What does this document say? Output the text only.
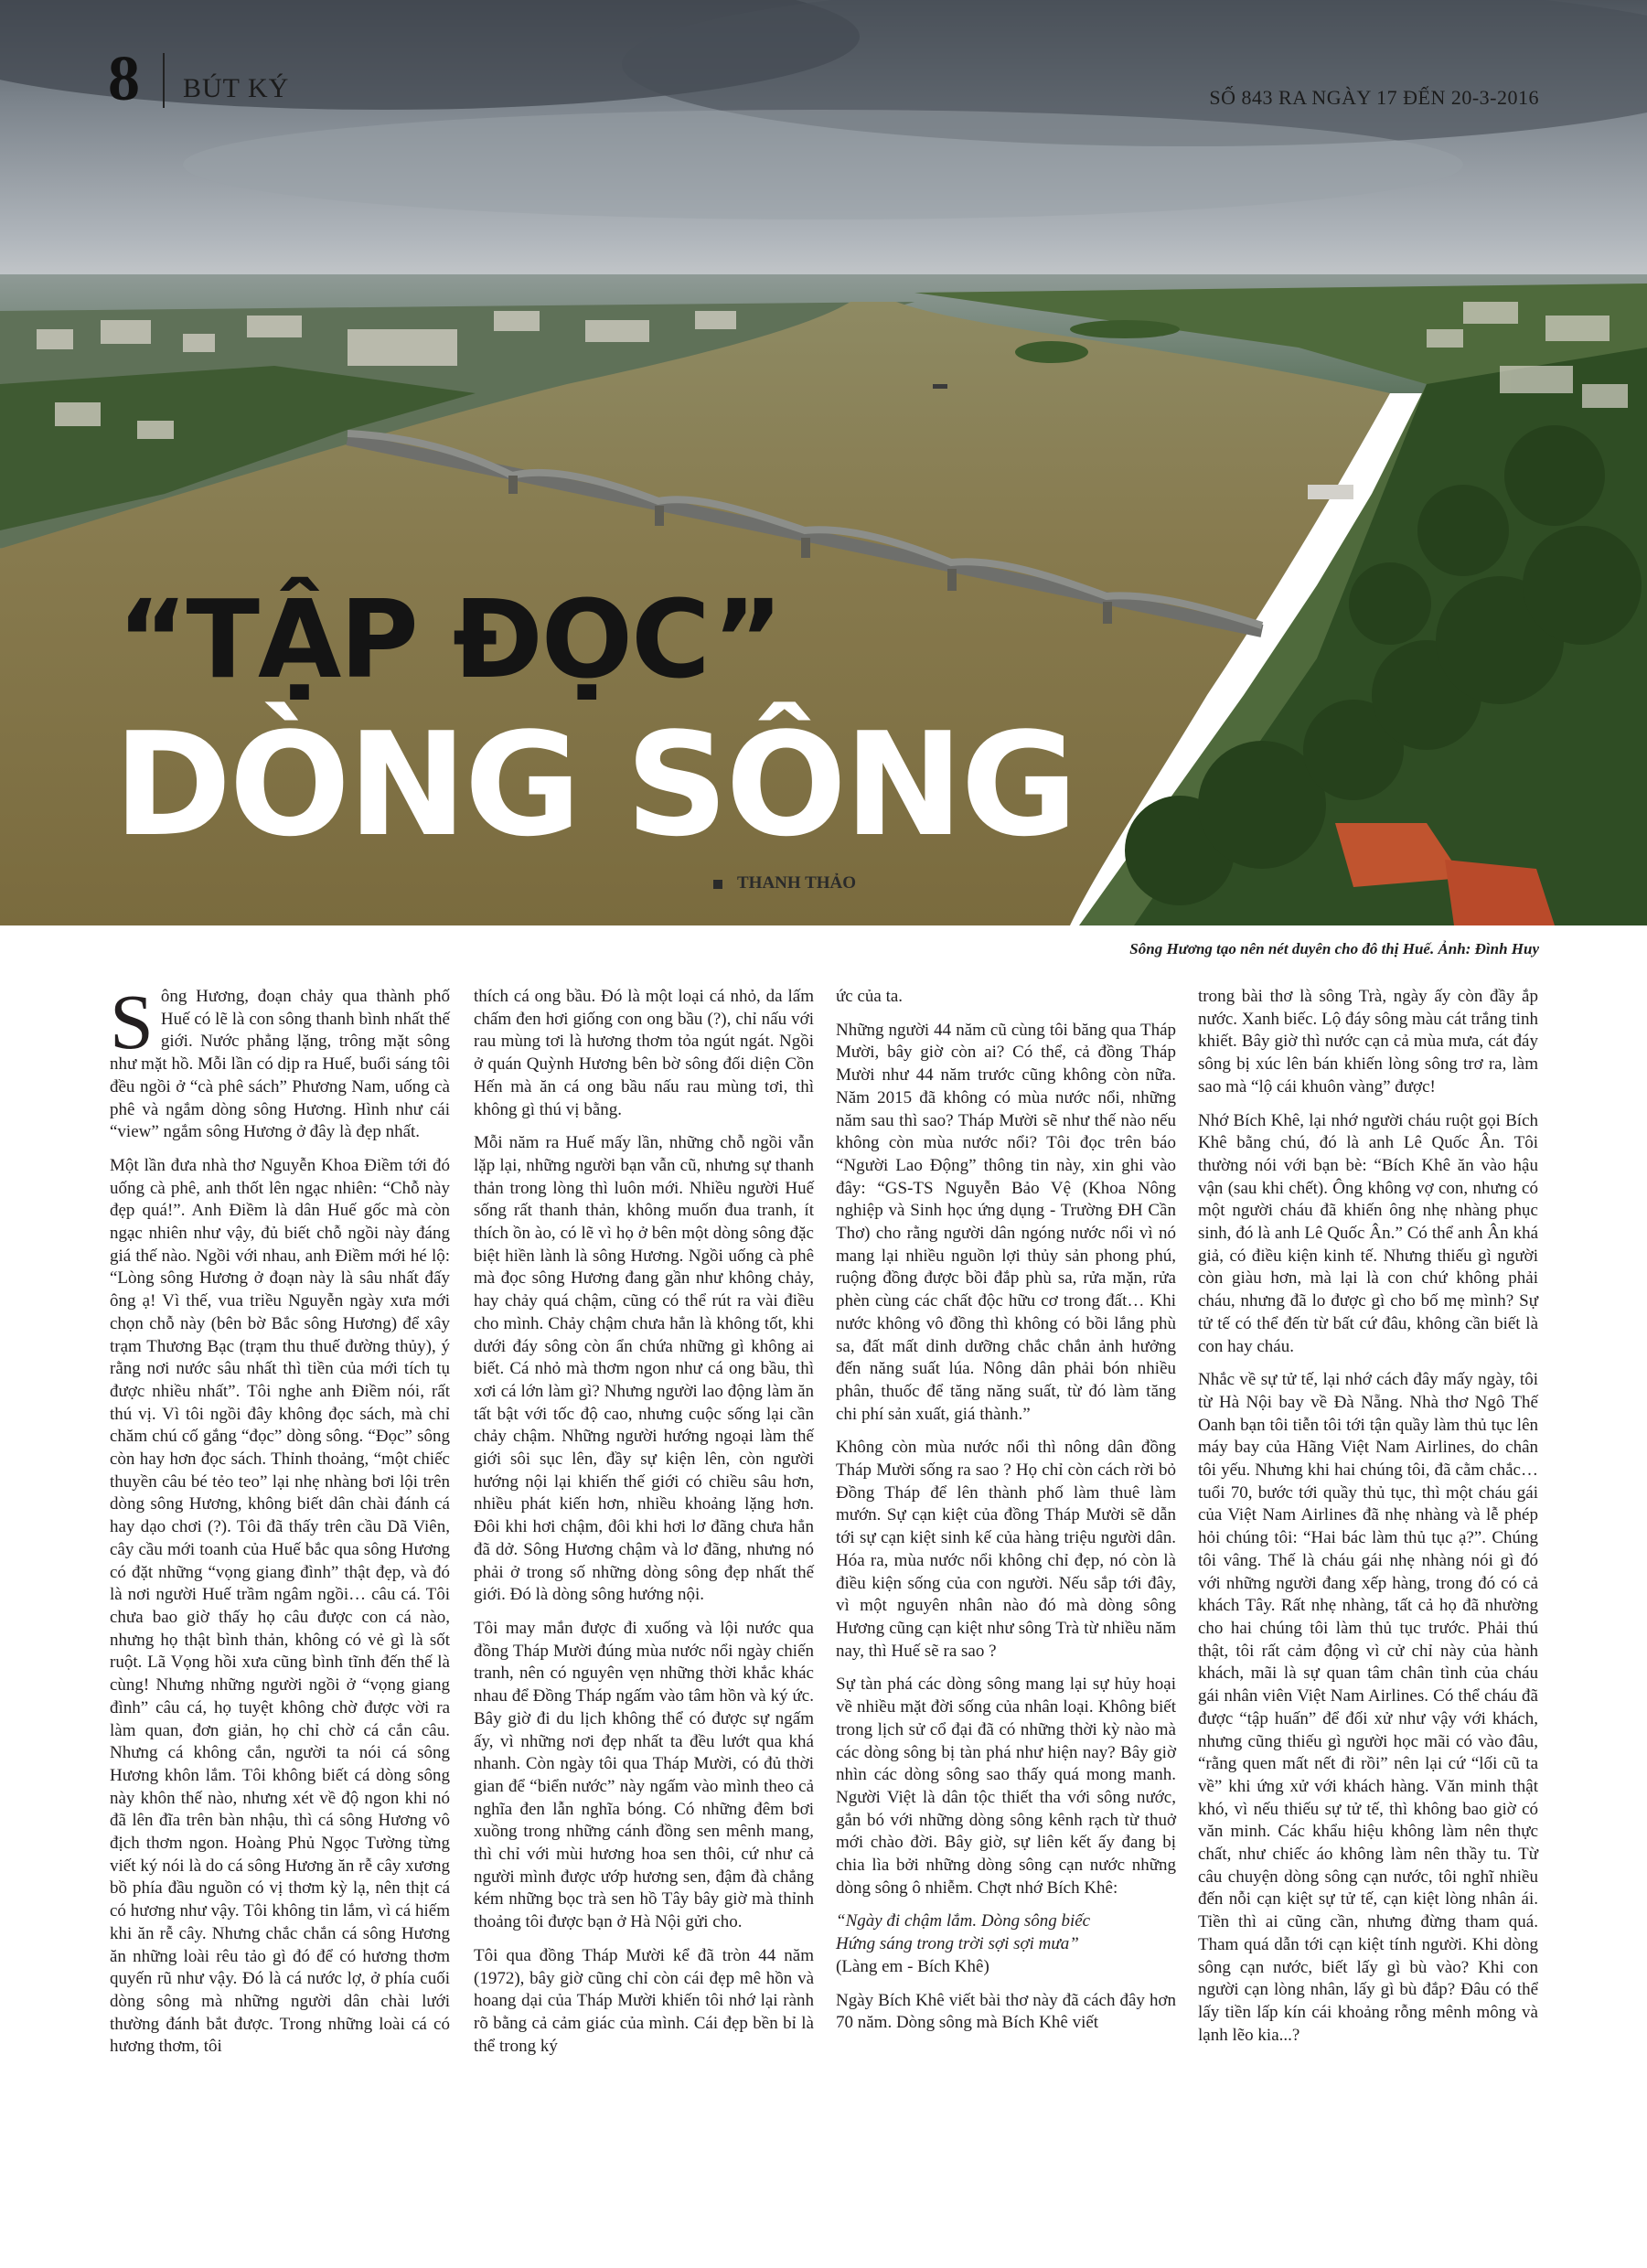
8 BÚT KÝ	SỐ 843 RA NGÀY 17 ĐẾN 20-3-2016
“TẬP ĐỌC”
DÒNG SÔNG
THANH THẢO
Sông Hương tạo nên nét duyên cho đô thị Huế. Ảnh: Đình Huy

Sông Hương, đoạn chảy qua thành phố Huế có lẽ là con sông thanh bình nhất thế giới. Nước phẳng lặng, trông mặt sông như mặt hồ. Mỗi lần có dịp ra Huế, buổi sáng tôi đều ngồi ở “cà phê sách” Phương Nam, uống cà phê và ngắm dòng sông Hương. Hình như cái “view” ngắm sông Hương ở đây là đẹp nhất.

Một lần đưa nhà thơ Nguyễn Khoa Điềm tới đó uống cà phê, anh thốt lên ngạc nhiên: “Chỗ này đẹp quá!”. Anh Điềm là dân Huế gốc mà còn ngạc nhiên như vậy, đủ biết chỗ ngồi này đáng giá thế nào. Ngồi với nhau, anh Điềm mới hé lộ: “Lòng sông Hương ở đoạn này là sâu nhất đấy ông ạ! Vì thế, vua triều Nguyễn ngày xưa mới chọn chỗ này (bên bờ Bắc sông Hương) để xây trạm Thương Bạc (trạm thu thuế đường thủy), ý rằng nơi nước sâu nhất thì tiền của mới tích tụ được nhiều nhất”. Tôi nghe anh Điềm nói, rất thú vị. Vì tôi ngồi đây không đọc sách, mà chỉ chăm chú cố gắng “đọc” dòng sông. “Đọc” sông còn hay hơn đọc sách. Thỉnh thoảng, “một chiếc thuyền câu bé tẻo teo” lại nhẹ nhàng bơi lội trên dòng sông Hương, không biết dân chài đánh cá hay dạo chơi (?). Tôi đã thấy trên cầu Dã Viên, cây cầu mới toanh của Huế bắc qua sông Hương có đặt những “vọng giang đình” thật đẹp, và đó là nơi người Huế trầm ngâm ngồi… câu cá. Tôi chưa bao giờ thấy họ câu được con cá nào, nhưng họ thật bình thản, không có vẻ gì là sốt ruột. Lã Vọng hồi xưa cũng bình tĩnh đến thế là cùng! Nhưng những người ngồi ở “vọng giang đình” câu cá, họ tuyệt không chờ được vời ra làm quan, đơn giản, họ chỉ chờ cá cắn câu. Nhưng cá không cắn, người ta nói cá sông Hương khôn lắm. Tôi không biết cá dòng sông này khôn thế nào, nhưng xét về độ ngon khi nó đã lên đĩa trên bàn nhậu, thì cá sông Hương vô địch thơm ngon. Hoàng Phủ Ngọc Tường từng viết ký nói là do cá sông Hương ăn rễ cây xương bồ phía đầu nguồn có vị thơm kỳ lạ, nên thịt cá có hương như vậy. Tôi không tin lắm, vì cá hiếm khi ăn rễ cây. Nhưng chắc chắn cá sông Hương ăn những loài rêu tảo gì đó để có hương thơm quyến rũ như vậy. Đó là cá nước lợ, ở phía cuối dòng sông mà những người dân chài lưới thường đánh bắt được. Trong những loài cá có hương thơm, tôi

thích cá ong bầu. Đó là một loại cá nhỏ, da lấm chấm đen hơi giống con ong bầu (?), chỉ nấu với rau mùng tơi là hương thơm tỏa ngút ngát. Ngồi ở quán Quỳnh Hương bên bờ sông đối diện Cồn Hến mà ăn cá ong bầu nấu rau mùng tơi, thì không gì thú vị bằng.

Mỗi năm ra Huế mấy lần, những chỗ ngồi vẫn lặp lại, những người bạn vẫn cũ, nhưng sự thanh thản trong lòng thì luôn mới. Nhiều người Huế sống rất thanh thản, không muốn đua tranh, ít thích ồn ào, có lẽ vì họ ở bên một dòng sông đặc biệt hiền lành là sông Hương. Ngồi uống cà phê mà đọc sông Hương đang gần như không chảy, hay chảy quá chậm, cũng có thể rút ra vài điều cho mình. Chảy chậm chưa hẳn là không tốt, khi dưới đáy sông còn ẩn chứa những gì không ai biết. Cá nhỏ mà thơm ngon như cá ong bầu, thì xơi cá lớn làm gì? Nhưng người lao động làm ăn tất bật với tốc độ cao, nhưng cuộc sống lại cần chảy chậm. Những người hướng ngoại làm thế giới sôi sục lên, đầy sự kiện lên, còn người hướng nội lại khiến thế giới có chiều sâu hơn, nhiều phát kiến hơn, nhiều khoảng lặng hơn. Đôi khi hơi chậm, đôi khi hơi lơ đãng chưa hẳn đã dở. Sông Hương chậm và lơ đãng, nhưng nó phải ở trong số những dòng sông đẹp nhất thế giới. Đó là dòng sông hướng nội.

Tôi may mắn được đi xuống và lội nước qua đồng Tháp Mười đúng mùa nước nổi ngày chiến tranh, nên có nguyên vẹn những thời khắc khác nhau để Đồng Tháp ngấm vào tâm hồn và ký ức. Bây giờ đi du lịch không thể có được sự ngấm ấy, vì những nơi đẹp nhất ta đều lướt qua khá nhanh. Còn ngày tôi qua Tháp Mười, có đủ thời gian để “biển nước” này ngấm vào mình theo cả nghĩa đen lẫn nghĩa bóng. Có những đêm bơi xuồng trong những cánh đồng sen mênh mang, thì chỉ với mùi hương hoa sen thôi, cứ như cả người mình được ướp hương sen, đậm đà chẳng kém những bọc trà sen hồ Tây bây giờ mà thỉnh thoảng tôi được bạn ở Hà Nội gửi cho.

Tôi qua đồng Tháp Mười kể đã tròn 44 năm (1972), bây giờ cũng chỉ còn cái đẹp mê hồn và hoang dại của Tháp Mười khiến tôi nhớ lại rành rõ bằng cả cảm giác của mình. Cái đẹp bền bỉ là thể trong ký

ức của ta.

Những người 44 năm cũ cùng tôi băng qua Tháp Mười, bây giờ còn ai? Có thể, cả đồng Tháp Mười như 44 năm trước cũng không còn nữa. Năm 2015 đã không có mùa nước nổi, những năm sau thì sao? Tháp Mười sẽ như thế nào nếu không còn mùa nước nổi? Tôi đọc trên báo “Người Lao Động” thông tin này, xin ghi vào đây: “GS-TS Nguyễn Bảo Vệ (Khoa Nông nghiệp và Sinh học ứng dụng - Trường ĐH Cần Thơ) cho rằng người dân ngóng nước nổi vì nó mang lại nhiều nguồn lợi thủy sản phong phú, ruộng đồng được bồi đắp phù sa, rửa mặn, rửa phèn cùng các chất độc hữu cơ trong đất… Khi nước không vô đồng thì không có bồi lắng phù sa, đất mất dinh dưỡng chắc chắn ảnh hưởng đến năng suất lúa. Nông dân phải bón nhiều phân, thuốc để tăng năng suất, từ đó làm tăng chi phí sản xuất, giá thành.”

Không còn mùa nước nổi thì nông dân đồng Tháp Mười sống ra sao ? Họ chỉ còn cách rời bỏ Đồng Tháp để lên thành phố làm thuê làm mướn. Sự cạn kiệt của đồng Tháp Mười sẽ dẫn tới sự cạn kiệt sinh kế của hàng triệu người dân. Hóa ra, mùa nước nổi không chỉ đẹp, nó còn là điều kiện sống của con người. Nếu sắp tới đây, vì một nguyên nhân nào đó mà dòng sông Hương cũng cạn kiệt như sông Trà từ nhiều năm nay, thì Huế sẽ ra sao ?

Sự tàn phá các dòng sông mang lại sự hủy hoại về nhiều mặt đời sống của nhân loại. Không biết trong lịch sử cổ đại đã có những thời kỳ nào mà các dòng sông bị tàn phá như hiện nay? Bây giờ nhìn các dòng sông sao thấy quá mong manh. Người Việt là dân tộc thiết tha với sông nước, gắn bó với những dòng sông kênh rạch từ thuở mới chào đời. Bây giờ, sự liên kết ấy đang bị chia lìa bởi những dòng sông cạn nước những dòng sông ô nhiễm. Chợt nhớ Bích Khê:

“Ngày đi chậm lắm. Dòng sông biếc
Hứng sáng trong trời sợi sợi mưa”
(Làng em - Bích Khê)

Ngày Bích Khê viết bài thơ này đã cách đây hơn 70 năm. Dòng sông mà Bích Khê viết

trong bài thơ là sông Trà, ngày ấy còn đầy ắp nước. Xanh biếc. Lộ đáy sông màu cát trắng tinh khiết. Bây giờ thì nước cạn cả mùa mưa, cát đáy sông bị xúc lên bán khiến lòng sông trơ ra, làm sao mà “lộ cái khuôn vàng” được!

Nhớ Bích Khê, lại nhớ người cháu ruột gọi Bích Khê bằng chú, đó là anh Lê Quốc Ân. Tôi thường nói với bạn bè: “Bích Khê ăn vào hậu vận (sau khi chết). Ông không vợ con, nhưng có một người cháu đã khiến ông nhẹ nhàng phục sinh, đó là anh Lê Quốc Ân.” Có thể anh Ân khá giả, có điều kiện kinh tế. Nhưng thiếu gì người còn giàu hơn, mà lại là con chứ không phải cháu, nhưng đã lo được gì cho bố mẹ mình? Sự tử tế có thể đến từ bất cứ đâu, không cần biết là con hay cháu.

Nhắc về sự tử tế, lại nhớ cách đây mấy ngày, tôi từ Hà Nội bay về Đà Nẵng. Nhà thơ Ngô Thế Oanh bạn tôi tiễn tôi tới tận quầy làm thủ tục lên máy bay của Hãng Việt Nam Airlines, do chân tôi yếu. Nhưng khi hai chúng tôi, đã cằm chắc… tuổi 70, bước tới quầy thủ tục, thì một cháu gái của Việt Nam Airlines đã nhẹ nhàng và lễ phép hỏi chúng tôi: “Hai bác làm thủ tục ạ?”. Chúng tôi vâng. Thế là cháu gái nhẹ nhàng nói gì đó với những người đang xếp hàng, trong đó có cả khách Tây. Rất nhẹ nhàng, tất cả họ đã nhường cho hai chúng tôi làm thủ tục trước. Phải thú thật, tôi rất cảm động vì cử chỉ này của hành khách, mãi là sự quan tâm chân tình của cháu gái nhân viên Việt Nam Airlines. Có thể cháu đã được “tập huấn” để đối xử như vậy với khách, nhưng cũng thiếu gì người học mãi có vào đâu, “rằng quen mất nết đi rồi” nên lại cứ “lối cũ ta về” khi ứng xử với khách hàng. Văn minh thật khó, vì nếu thiếu sự tử tế, thì không bao giờ có văn minh. Các khẩu hiệu không làm nên thực chất, như chiếc áo không làm nên thầy tu. Từ câu chuyện dòng sông cạn nước, tôi nghĩ nhiều đến nỗi cạn kiệt sự tử tế, cạn kiệt lòng nhân ái. Tiền thì ai cũng cần, nhưng đừng tham quá. Tham quá dẫn tới cạn kiệt tính người. Khi dòng sông cạn nước, biết lấy gì bù vào? Khi con người cạn lòng nhân, lấy gì bù đắp? Đâu có thể lấy tiền lấp kín cái khoảng rỗng mênh mông và lạnh lẽo kia...?
